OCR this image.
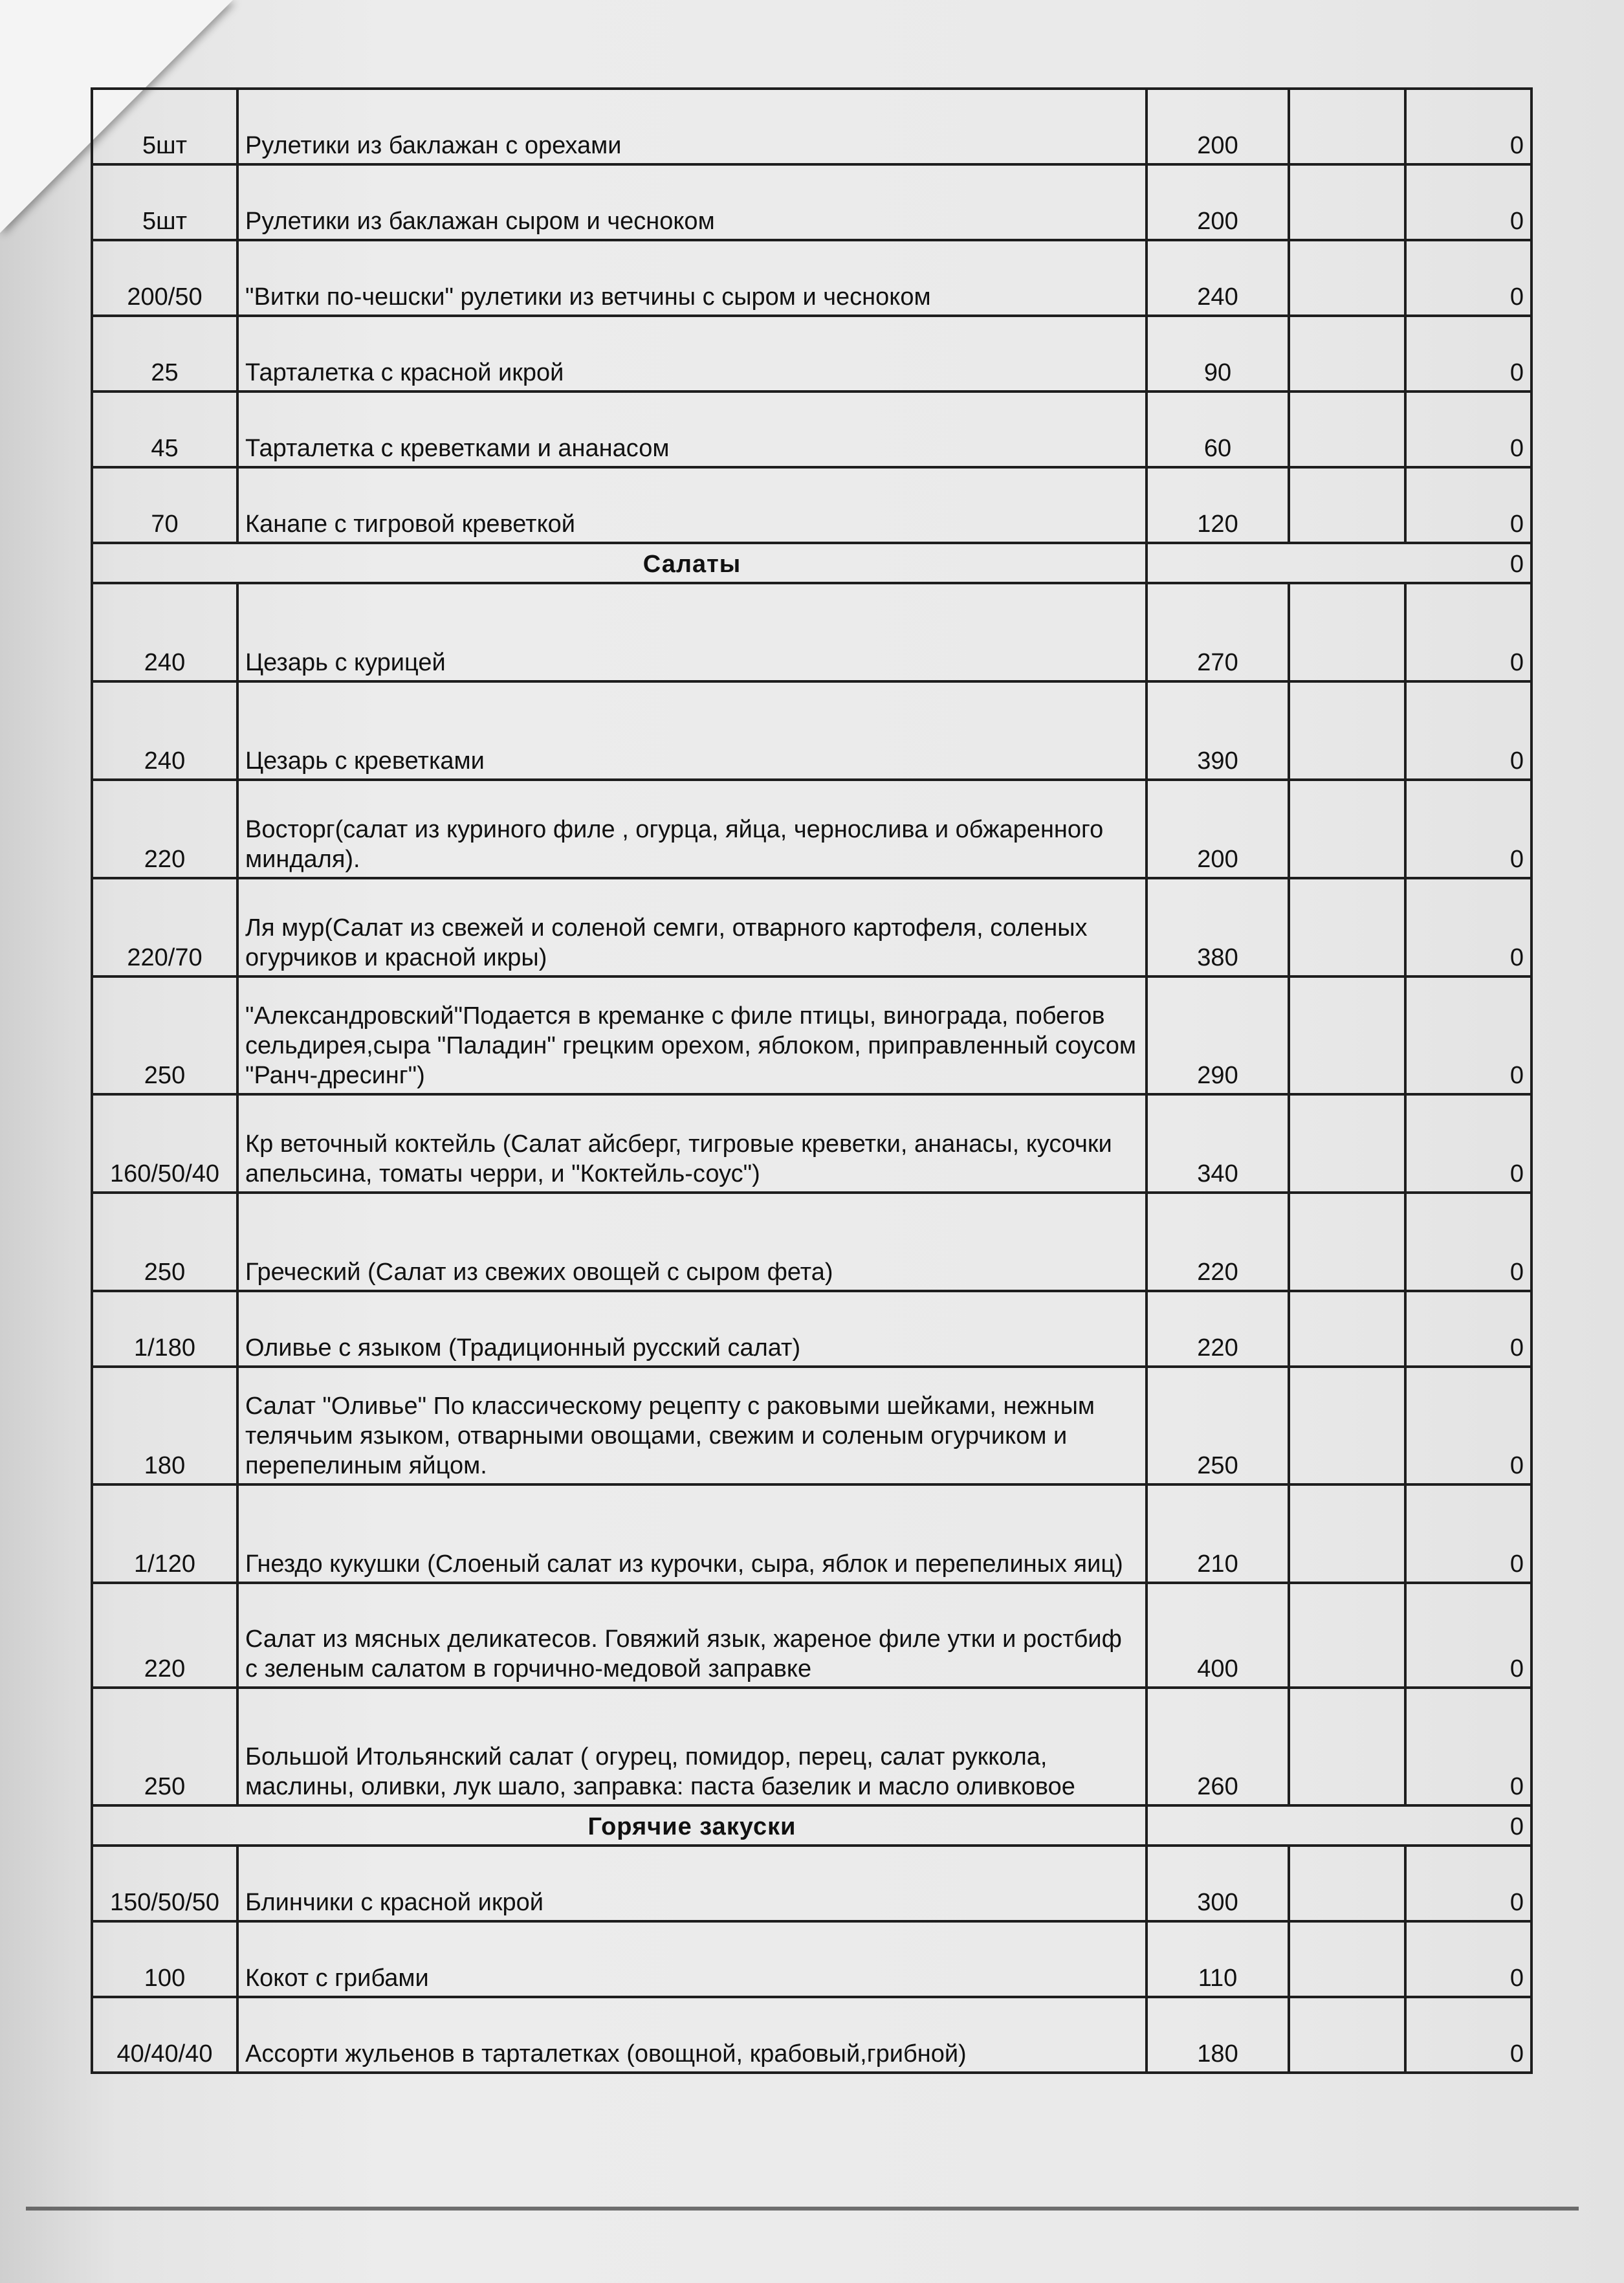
5шт	Рулетики из баклажан с орехами	200		0
5шт	Рулетики из баклажан сыром и чесноком	200		0
200/50	"Витки по-чешски" рулетики из ветчины с сыром и чесноком	240		0
25	Тарталетка с красной икрой	90		0
45	Тарталетка с креветками и ананасом	60		0
70	Канапе с тигровой креветкой	120		0
	Салаты			0
240	Цезарь с курицей	270		0
240	Цезарь с креветками	390		0
220	Восторг(салат из куриного филе , огурца, яйца, чернослива и обжаренного миндаля).	200		0
220/70	Ля мур(Салат из свежей и соленой семги, отварного картофеля, соленых огурчиков и красной икры)	380		0
250	"Александровский"Подается в креманке с филе птицы, винограда, побегов сельдирея,сыра "Паладин" грецким орехом, яблоком, приправленный соусом "Ранч-дресинг")	290		0
160/50/40	Кр веточный коктейль (Салат айсберг, тигровые креветки, ананасы, кусочки апельсина, томаты черри, и "Коктейль-соус")	340		0
250	Греческий (Салат из свежих овощей с сыром фета)	220		0
1/180	Оливье с языком (Традиционный русский салат)	220		0
180	Салат "Оливье" По классическому рецепту с раковыми шейками, нежным телячьим языком, отварными овощами, свежим и соленым огурчиком и перепелиным яйцом.	250		0
1/120	Гнездо кукушки (Слоеный салат из курочки, сыра, яблок и перепелиных яиц)	210		0
220	Салат из мясных деликатесов. Говяжий язык, жареное филе утки и ростбиф с зеленым салатом в горчично-медовой заправке	400		0
250	Большой Итольянский салат ( огурец, помидор, перец, салат руккола, маслины, оливки, лук шало, заправка: паста базелик и масло оливковое	260		0
	Горячие закуски			0
150/50/50	Блинчики с красной икрой	300		0
100	Кокот с грибами	110		0
40/40/40	Ассорти жульенов в тарталетках (овощной, крабовый,грибной)	180		0
